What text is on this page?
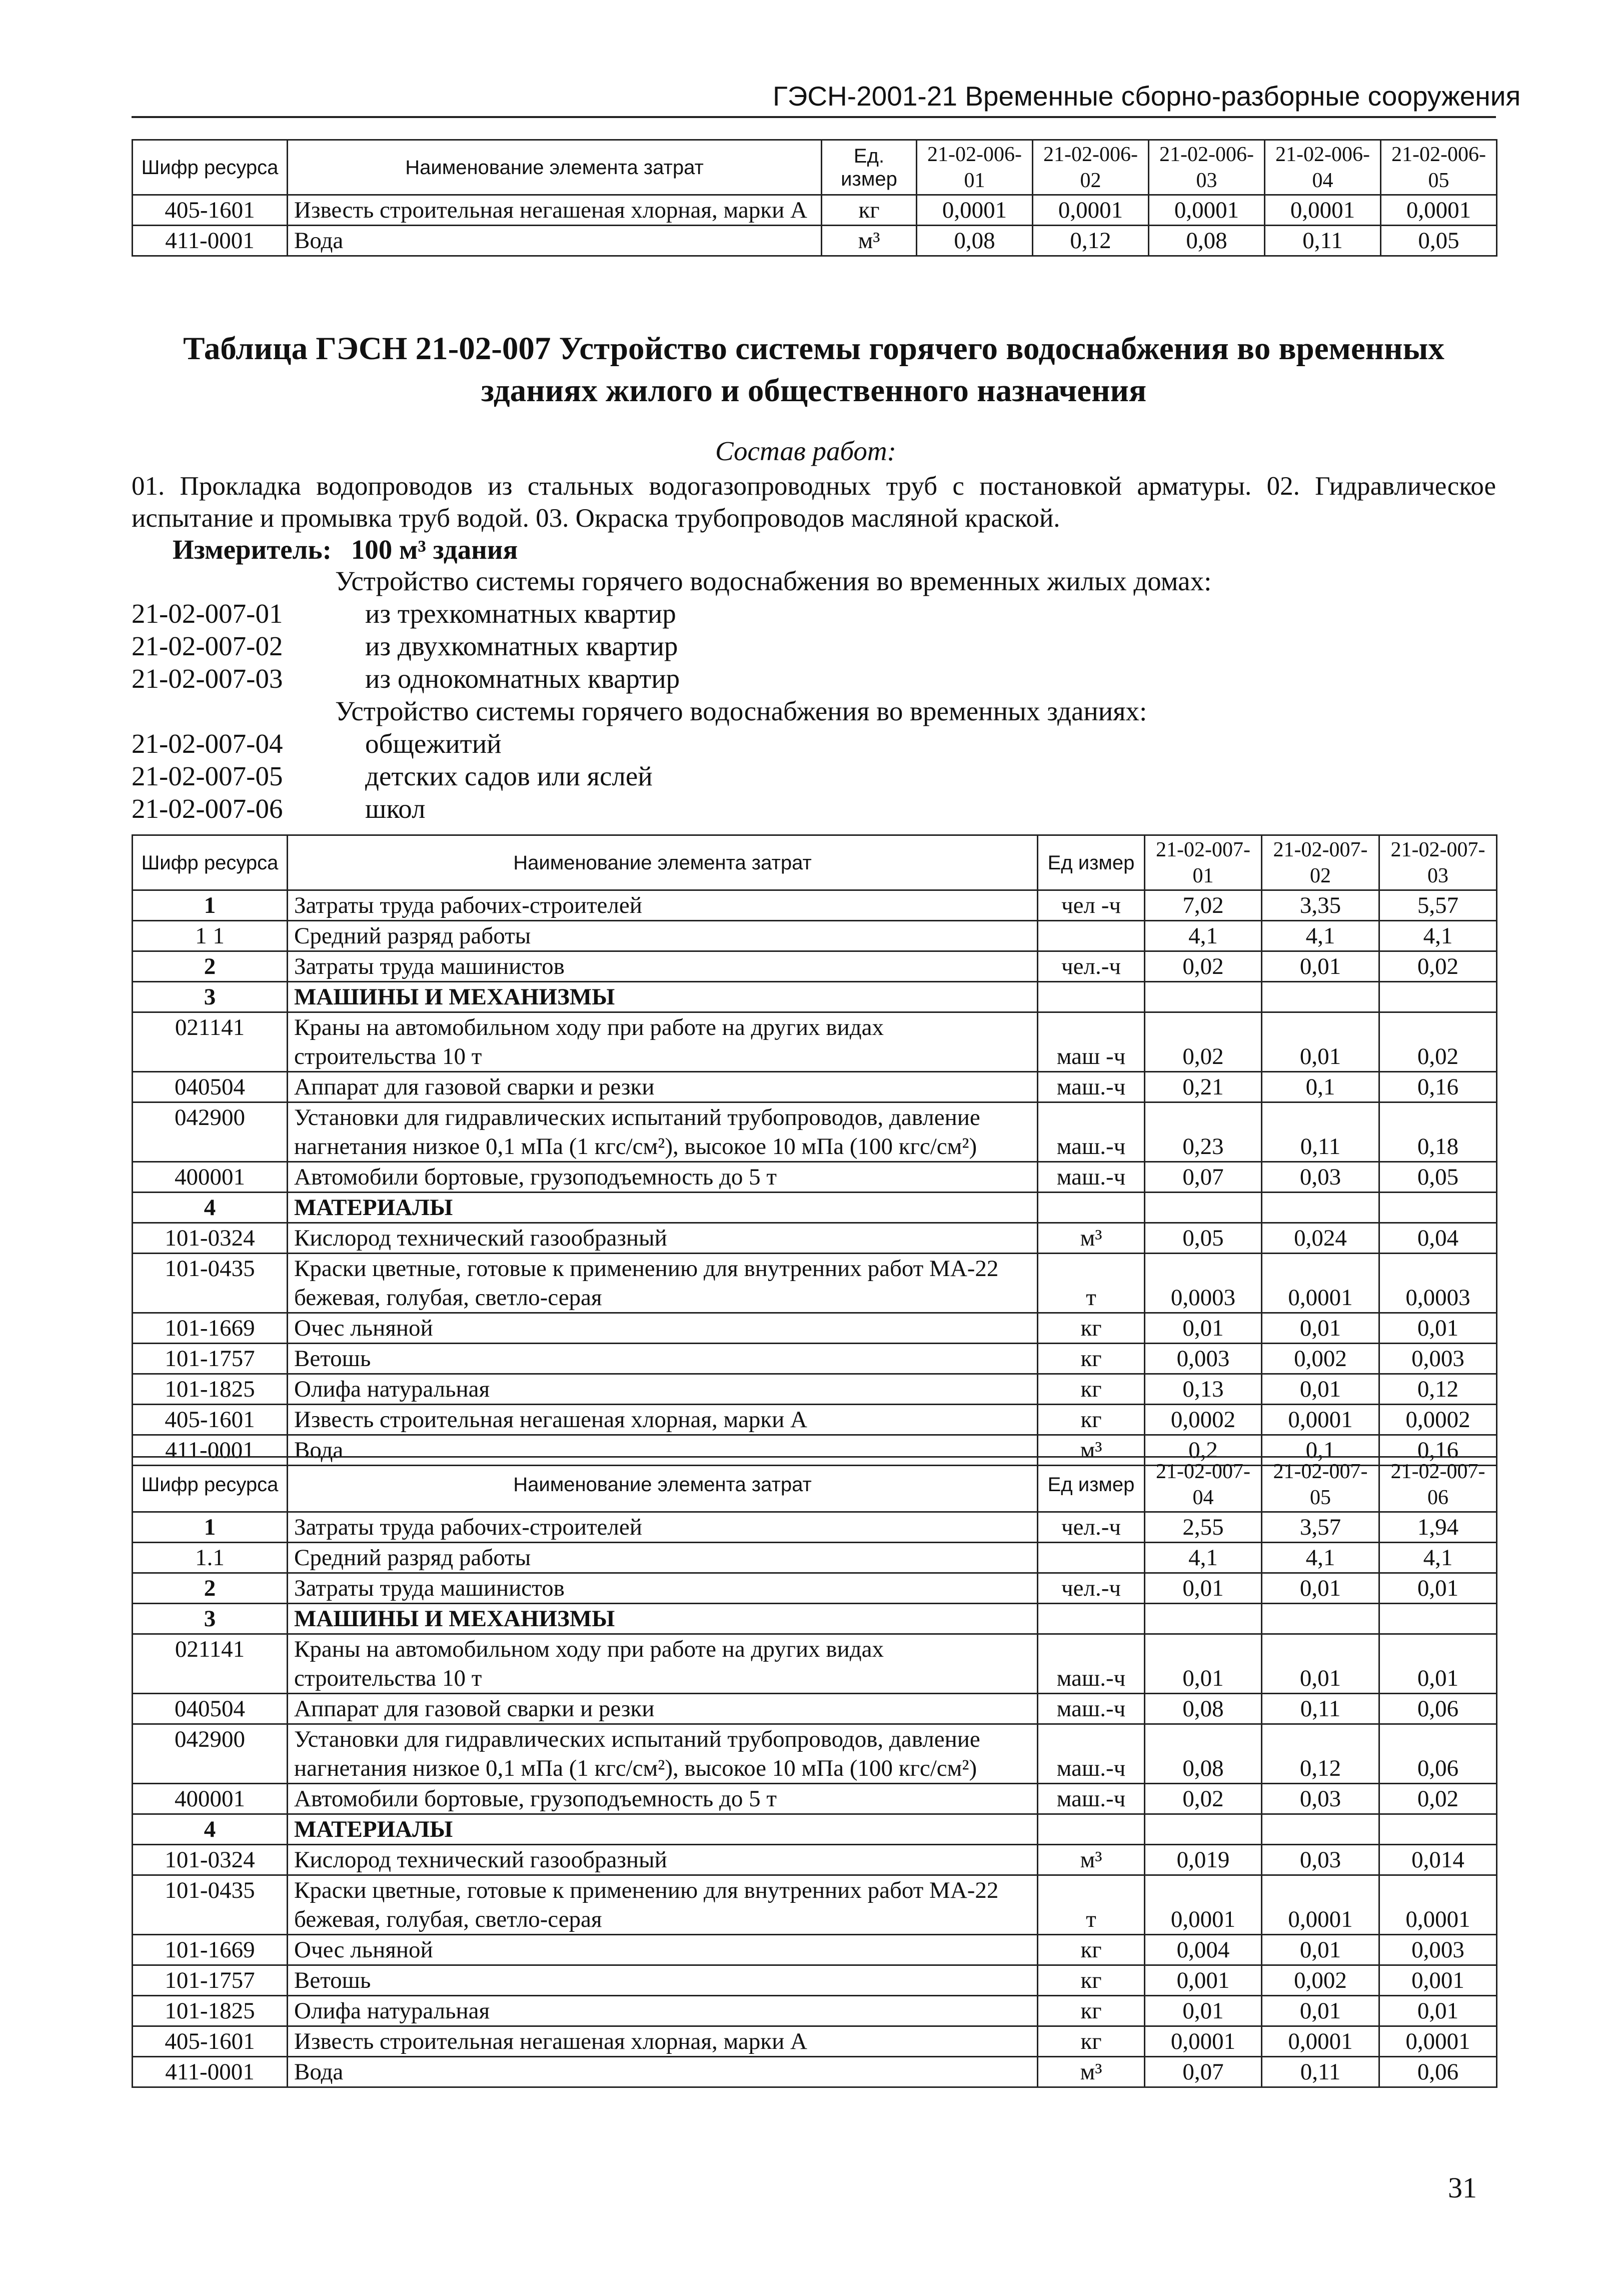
ГЭСН-2001-21 Временные сборно-разборные сооружения
Шифр ресурса	Наименование элемента затрат	Ед. измер	21-02-006-01	21-02-006-02	21-02-006-03	21-02-006-04	21-02-006-05
405-1601	Известь строительная негашеная хлорная, марки А	кг	0,0001	0,0001	0,0001	0,0001	0,0001
411-0001	Вода	м³	0,08	0,12	0,08	0,11	0,05
Таблица ГЭСН 21-02-007 Устройство системы горячего водоснабжения во временных зданиях жилого и общественного назначения
Состав работ:
01. Прокладка водопроводов из стальных водогазопроводных труб с постановкой арматуры. 02. Гидравлическое испытание и промывка труб водой. 03. Окраска трубопроводов масляной краской.
Измеритель: 100 м³ здания
Устройство системы горячего водоснабжения во временных жилых домах:
21-02-007-01	из трехкомнатных квартир
21-02-007-02	из двухкомнатных квартир
21-02-007-03	из однокомнатных квартир
Устройство системы горячего водоснабжения во временных зданиях:
21-02-007-04	общежитий
21-02-007-05	детских садов или яслей
21-02-007-06	школ
Шифр ресурса	Наименование элемента затрат	Ед измер	21-02-007-01	21-02-007-02	21-02-007-03
1	Затраты труда рабочих-строителей	чел -ч	7,02	3,35	5,57
1 1	Средний разряд работы		4,1	4,1	4,1
2	Затраты труда машинистов	чел.-ч	0,02	0,01	0,02
3	МАШИНЫ И МЕХАНИЗМЫ				
021141	Краны на автомобильном ходу при работе на других видах строительства 10 т	маш -ч	0,02	0,01	0,02
040504	Аппарат для газовой сварки и резки	маш.-ч	0,21	0,1	0,16
042900	Установки для гидравлических испытаний трубопроводов, давление нагнетания низкое 0,1 мПа (1 кгс/см²), высокое 10 мПа (100 кгс/см²)	маш.-ч	0,23	0,11	0,18
400001	Автомобили бортовые, грузоподъемность до 5 т	маш.-ч	0,07	0,03	0,05
4	МАТЕРИАЛЫ				
101-0324	Кислород технический газообразный	м³	0,05	0,024	0,04
101-0435	Краски цветные, готовые к применению для внутренних работ МА-22 бежевая, голубая, светло-серая	т	0,0003	0,0001	0,0003
101-1669	Очес льняной	кг	0,01	0,01	0,01
101-1757	Ветошь	кг	0,003	0,002	0,003
101-1825	Олифа натуральная	кг	0,13	0,01	0,12
405-1601	Известь строительная негашеная хлорная, марки А	кг	0,0002	0,0001	0,0002
411-0001	Вода	м³	0,2	0,1	0,16
Шифр ресурса	Наименование элемента затрат	Ед измер	21-02-007-04	21-02-007-05	21-02-007-06
1	Затраты труда рабочих-строителей	чел.-ч	2,55	3,57	1,94
1.1	Средний разряд работы		4,1	4,1	4,1
2	Затраты труда машинистов	чел.-ч	0,01	0,01	0,01
3	МАШИНЫ И МЕХАНИЗМЫ				
021141	Краны на автомобильном ходу при работе на других видах строительства 10 т	маш.-ч	0,01	0,01	0,01
040504	Аппарат для газовой сварки и резки	маш.-ч	0,08	0,11	0,06
042900	Установки для гидравлических испытаний трубопроводов, давление нагнетания низкое 0,1 мПа (1 кгс/см²), высокое 10 мПа (100 кгс/см²)	маш.-ч	0,08	0,12	0,06
400001	Автомобили бортовые, грузоподъемность до 5 т	маш.-ч	0,02	0,03	0,02
4	МАТЕРИАЛЫ				
101-0324	Кислород технический газообразный	м³	0,019	0,03	0,014
101-0435	Краски цветные, готовые к применению для внутренних работ МА-22 бежевая, голубая, светло-серая	т	0,0001	0,0001	0,0001
101-1669	Очес льняной	кг	0,004	0,01	0,003
101-1757	Ветошь	кг	0,001	0,002	0,001
101-1825	Олифа натуральная	кг	0,01	0,01	0,01
405-1601	Известь строительная негашеная хлорная, марки А	кг	0,0001	0,0001	0,0001
411-0001	Вода	м³	0,07	0,11	0,06
31
